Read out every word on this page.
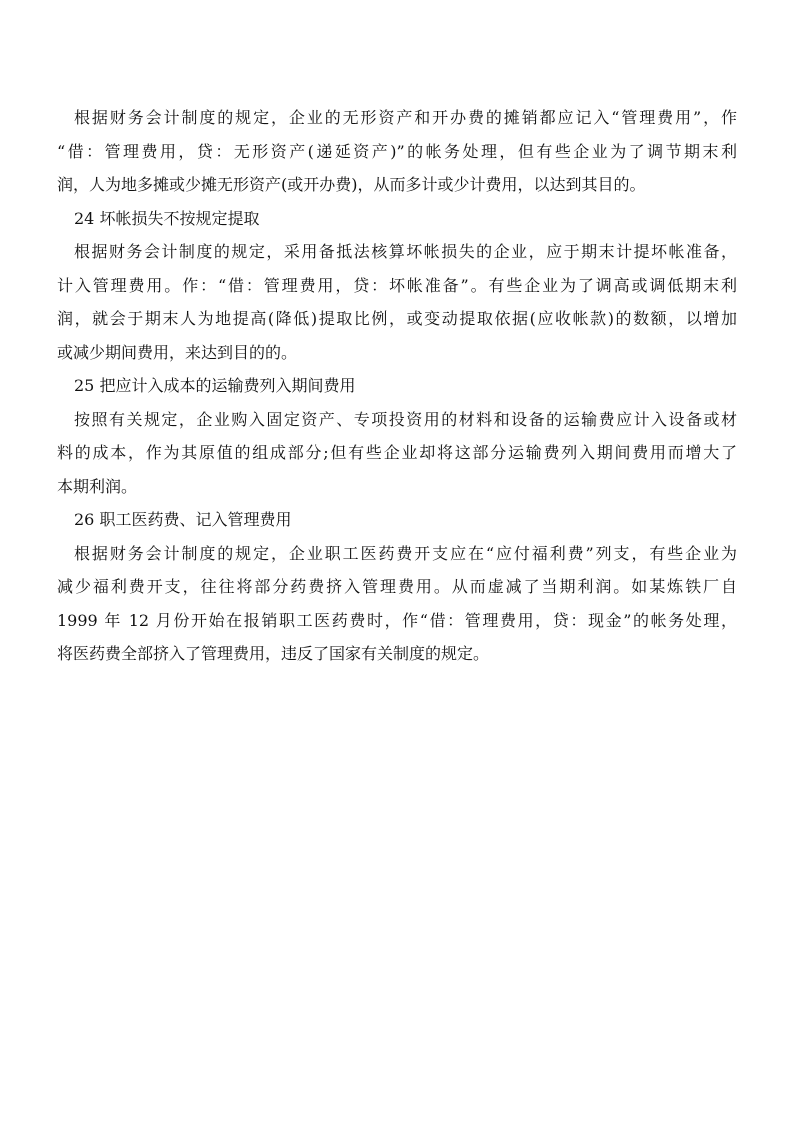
根据财务会计制度的规定，企业的无形资产和开办费的摊销都应记入“管理费用”，作
“借：管理费用，贷：无形资产(递延资产)”的帐务处理，但有些企业为了调节期末利
润，人为地多摊或少摊无形资产(或开办费)，从而多计或少计费用，以达到其目的。
24 坏帐损失不按规定提取
根据财务会计制度的规定，采用备抵法核算坏帐损失的企业，应于期末计提坏帐准备，
计入管理费用。作：“借：管理费用，贷：坏帐准备”。有些企业为了调高或调低期末利
润，就会于期末人为地提高(降低)提取比例，或变动提取依据(应收帐款)的数额，以增加
或减少期间费用，来达到目的的。
25 把应计入成本的运输费列入期间费用
按照有关规定，企业购入固定资产、专项投资用的材料和设备的运输费应计入设备或材
料的成本，作为其原值的组成部分;但有些企业却将这部分运输费列入期间费用而增大了
本期利润。
26 职工医药费、记入管理费用
根据财务会计制度的规定，企业职工医药费开支应在“应付福利费”列支，有些企业为
减少福利费开支，往往将部分药费挤入管理费用。从而虚减了当期利润。如某炼铁厂自
1999 年 12 月份开始在报销职工医药费时，作“借：管理费用，贷：现金”的帐务处理，
将医药费全部挤入了管理费用，违反了国家有关制度的规定。
